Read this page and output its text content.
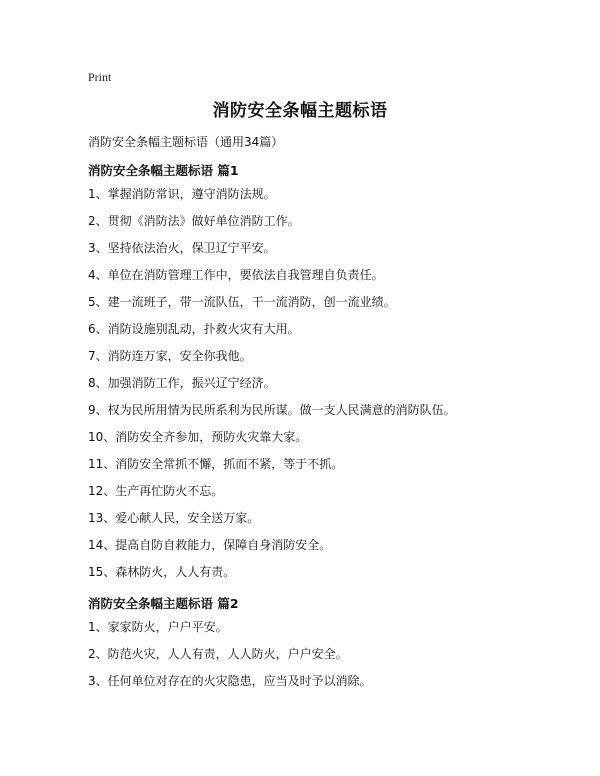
Print
消防安全条幅主题标语
消防安全条幅主题标语（通用34篇）
消防安全条幅主题标语 篇1
1、掌握消防常识，遵守消防法规。
2、贯彻《消防法》做好单位消防工作。
3、坚持依法治火，保卫辽宁平安。
4、单位在消防管理工作中，要依法自我管理自负责任。
5、建一流班子，带一流队伍，干一流消防，创一流业绩。
6、消防设施别乱动，扑救火灾有大用。
7、消防连万家，安全你我他。
8、加强消防工作，振兴辽宁经济。
9、权为民所用情为民所系利为民所谋。做一支人民满意的消防队伍。
10、消防安全齐参加，预防火灾靠大家。
11、消防安全常抓不懈，抓而不紧，等于不抓。
12、生产再忙防火不忘。
13、爱心献人民，安全送万家。
14、提高自防自救能力，保障自身消防安全。
15、森林防火，人人有责。
消防安全条幅主题标语 篇2
1、家家防火，户户平安。
2、防范火灾，人人有责，人人防火，户户安全。
3、任何单位对存在的火灾隐患，应当及时予以消除。
